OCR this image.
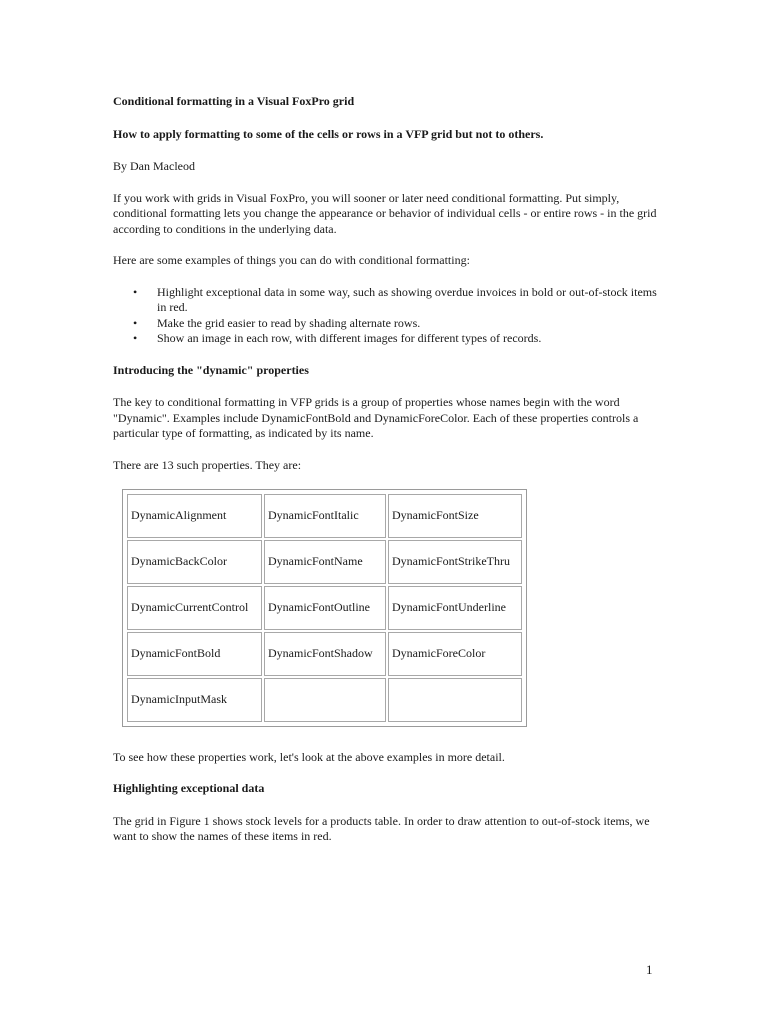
Conditional formatting in a Visual FoxPro grid

How to apply formatting to some of the cells or rows in a VFP grid but not to others.

By Dan Macleod

If you work with grids in Visual FoxPro, you will sooner or later need conditional formatting. Put simply, conditional formatting lets you change the appearance or behavior of individual cells - or entire rows - in the grid according to conditions in the underlying data.

Here are some examples of things you can do with conditional formatting:

• Highlight exceptional data in some way, such as showing overdue invoices in bold or out-of-stock items in red.
• Make the grid easier to read by shading alternate rows.
• Show an image in each row, with different images for different types of records.

Introducing the "dynamic" properties

The key to conditional formatting in VFP grids is a group of properties whose names begin with the word "Dynamic". Examples include DynamicFontBold and DynamicForeColor. Each of these properties controls a particular type of formatting, as indicated by its name.

There are 13 such properties. They are:

DynamicAlignment	DynamicFontItalic	DynamicFontSize
DynamicBackColor	DynamicFontName	DynamicFontStrikeThru
DynamicCurrentControl	DynamicFontOutline	DynamicFontUnderline
DynamicFontBold	DynamicFontShadow	DynamicForeColor
DynamicInputMask		

To see how these properties work, let's look at the above examples in more detail.

Highlighting exceptional data

The grid in Figure 1 shows stock levels for a products table. In order to draw attention to out-of-stock items, we want to show the names of these items in red.

1
